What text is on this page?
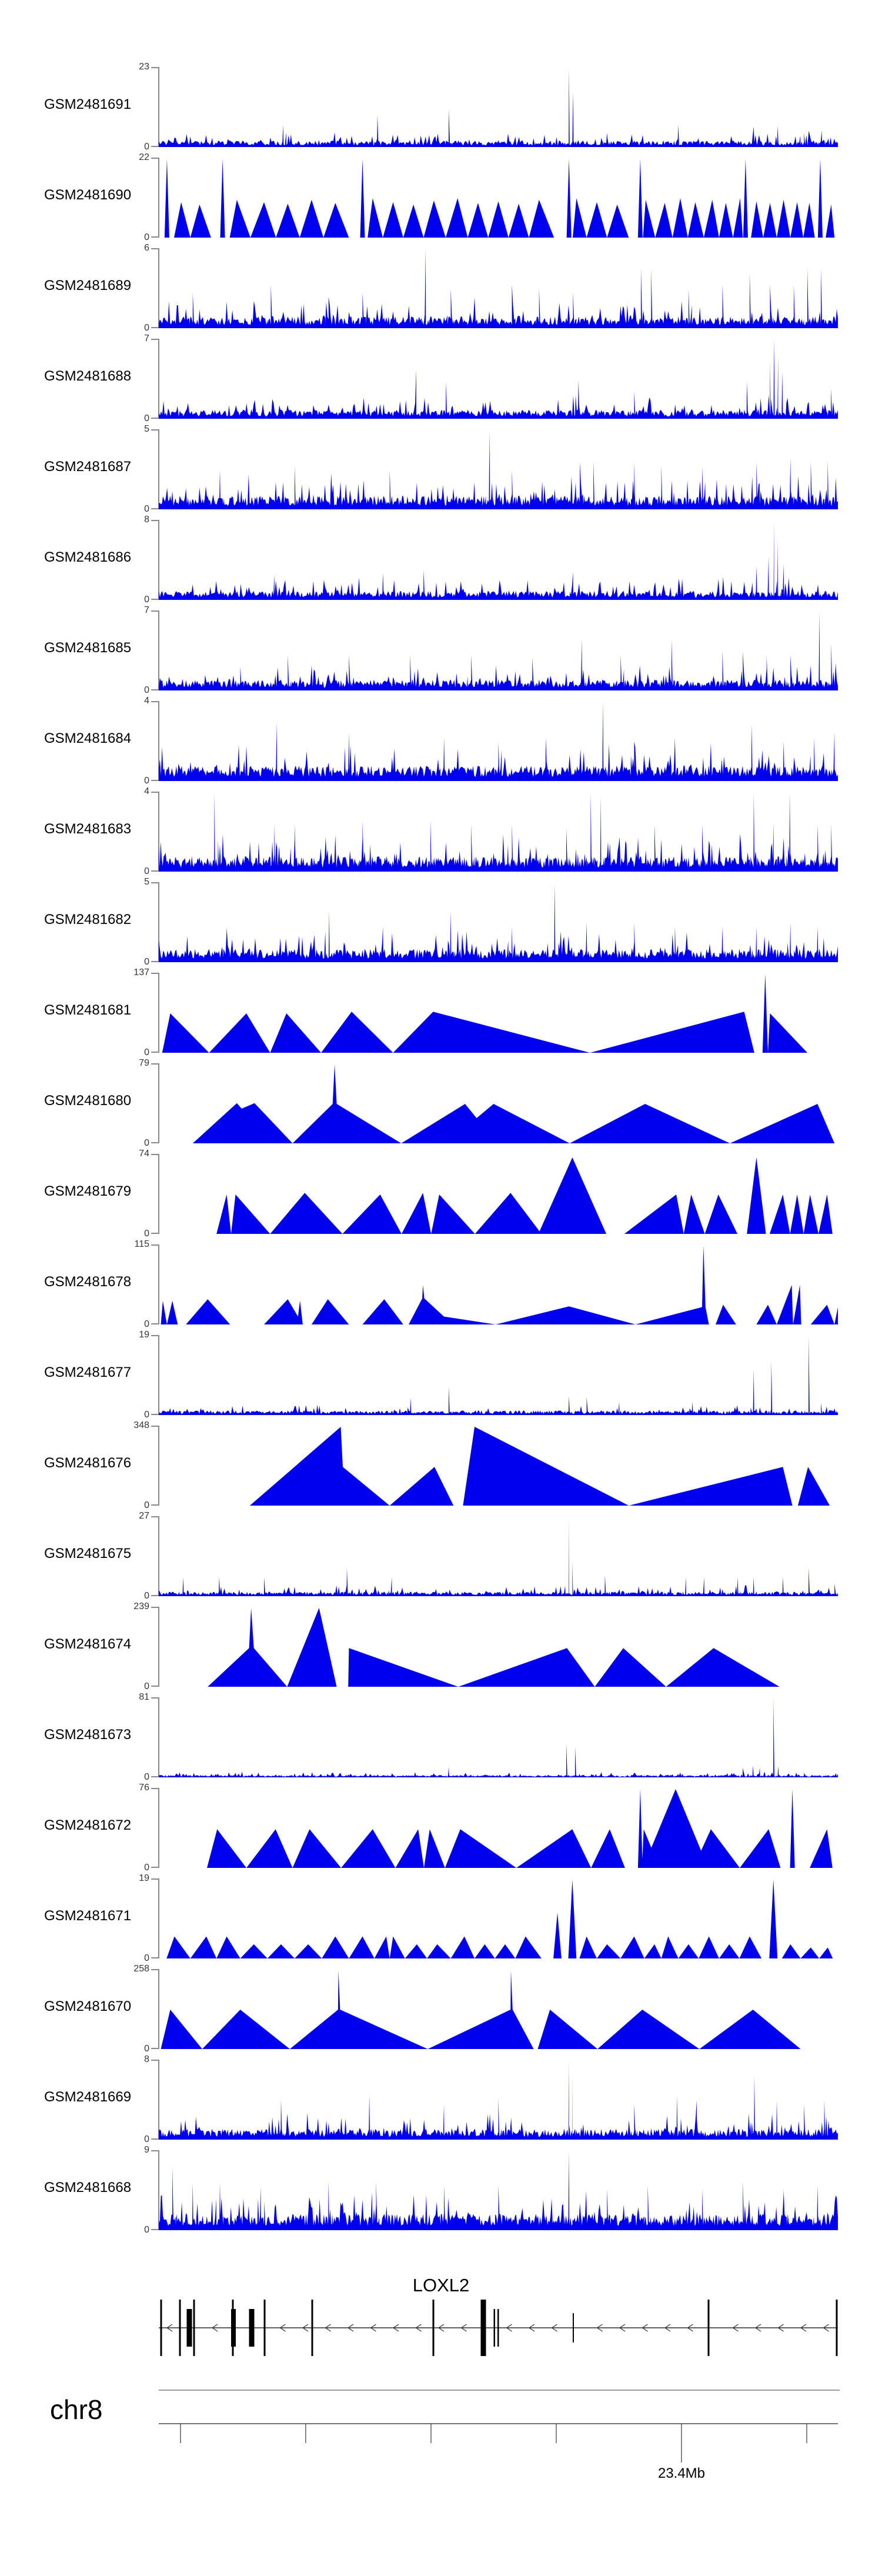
GSM2481691
23
0
GSM2481690
22
0
GSM2481689
6
0
GSM2481688
7
0
GSM2481687
5
0
GSM2481686
8
0
GSM2481685
7
0
GSM2481684
4
0
GSM2481683
4
0
GSM2481682
5
0
GSM2481681
137
0
GSM2481680
79
0
GSM2481679
74
0
GSM2481678
115
0
GSM2481677
19
0
GSM2481676
348
0
GSM2481675
27
0
GSM2481674
239
0
GSM2481673
81
0
GSM2481672
76
0
GSM2481671
19
0
GSM2481670
258
0
GSM2481669
8
0
GSM2481668
9
0
LOXL2
chr8
23.4Mb
